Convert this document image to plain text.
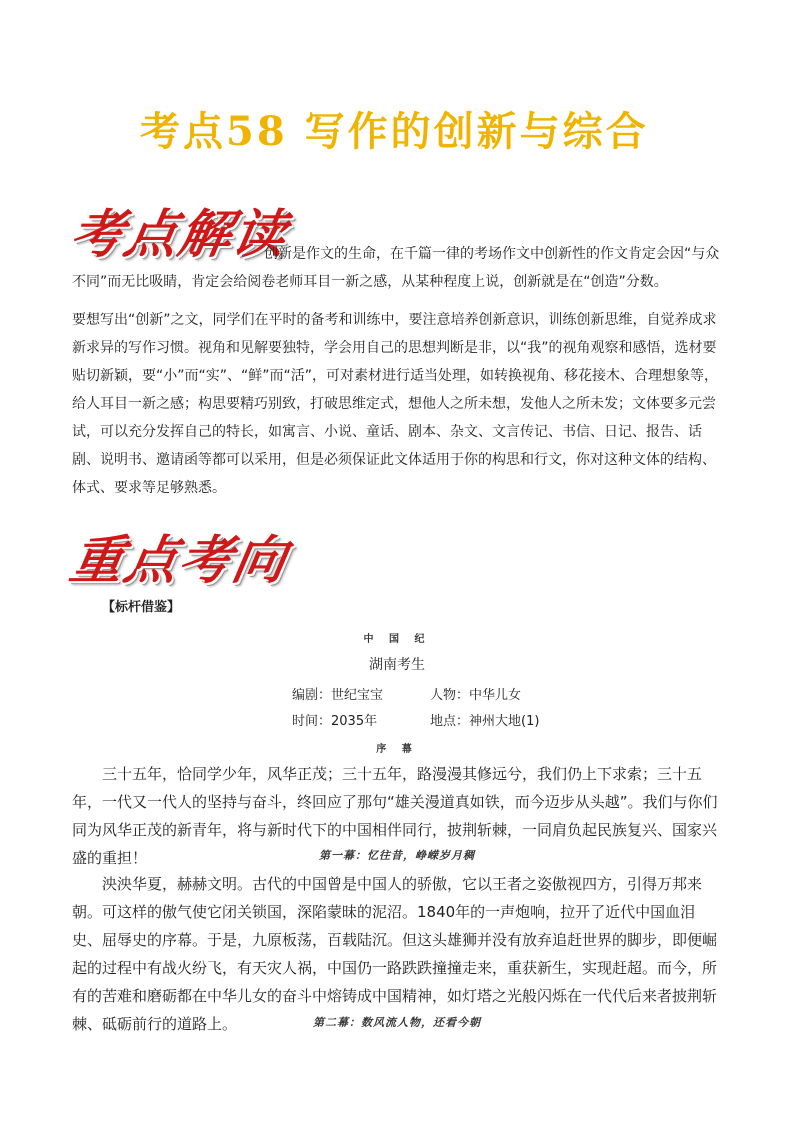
考点58 写作的创新与综合
考点解读
创新是作文的生命，在千篇一律的考场作文中创新性的作文肯定会因“与众不同”而无比吸睛，肯定会给阅卷老师耳目一新之感，从某种程度上说，创新就是在“创造”分数。
要想写出“创新”之文，同学们在平时的备考和训练中，要注意培养创新意识，训练创新思维，自觉养成求新求异的写作习惯。视角和见解要独特，学会用自己的思想判断是非，以“我”的视角观察和感悟，选材要贴切新颖，要“小”而“实”、“鲜”而“活”，可对素材进行适当处理，如转换视角、移花接木、合理想象等，给人耳目一新之感；构思要精巧别致，打破思维定式，想他人之所未想，发他人之所未发；文体要多元尝试，可以充分发挥自己的特长，如寓言、小说、童话、剧本、杂文、文言传记、书信、日记、报告、话剧、说明书、邀请函等都可以采用，但是必须保证此文体适用于你的构思和行文，你对这种文体的结构、体式、要求等足够熟悉。
重点考向
【标杆借鉴】
中 国 纪
湖南考生
编剧：世纪宝宝	人物：中华儿女
时间：2035年	地点：神州大地(1)
序 幕
三十五年，恰同学少年，风华正茂；三十五年，路漫漫其修远兮，我们仍上下求索；三十五年，一代又一代人的坚持与奋斗，终回应了那句“雄关漫道真如铁，而今迈步从头越”。我们与你们同为风华正茂的新青年，将与新时代下的中国相伴同行，披荆斩棘，一同肩负起民族复兴、国家兴盛的重担！	第一幕：忆往昔，峥嵘岁月稠
泱泱华夏，赫赫文明。古代的中国曾是中国人的骄傲，它以王者之姿傲视四方，引得万邦来朝。可这样的傲气使它闭关锁国，深陷蒙昧的泥沼。1840年的一声炮响，拉开了近代中国血泪史、屈辱史的序幕。于是，九原板荡，百载陆沉。但这头雄狮并没有放弃追赶世界的脚步，即便崛起的过程中有战火纷飞，有天灾人祸，中国仍一路跌跌撞撞走来，重获新生，实现赶超。而今，所有的苦难和磨砺都在中华儿女的奋斗中熔铸成中国精神，如灯塔之光般闪烁在一代代后来者披荆斩棘、砥砺前行的道路上。	第二幕：数风流人物，还看今朝
